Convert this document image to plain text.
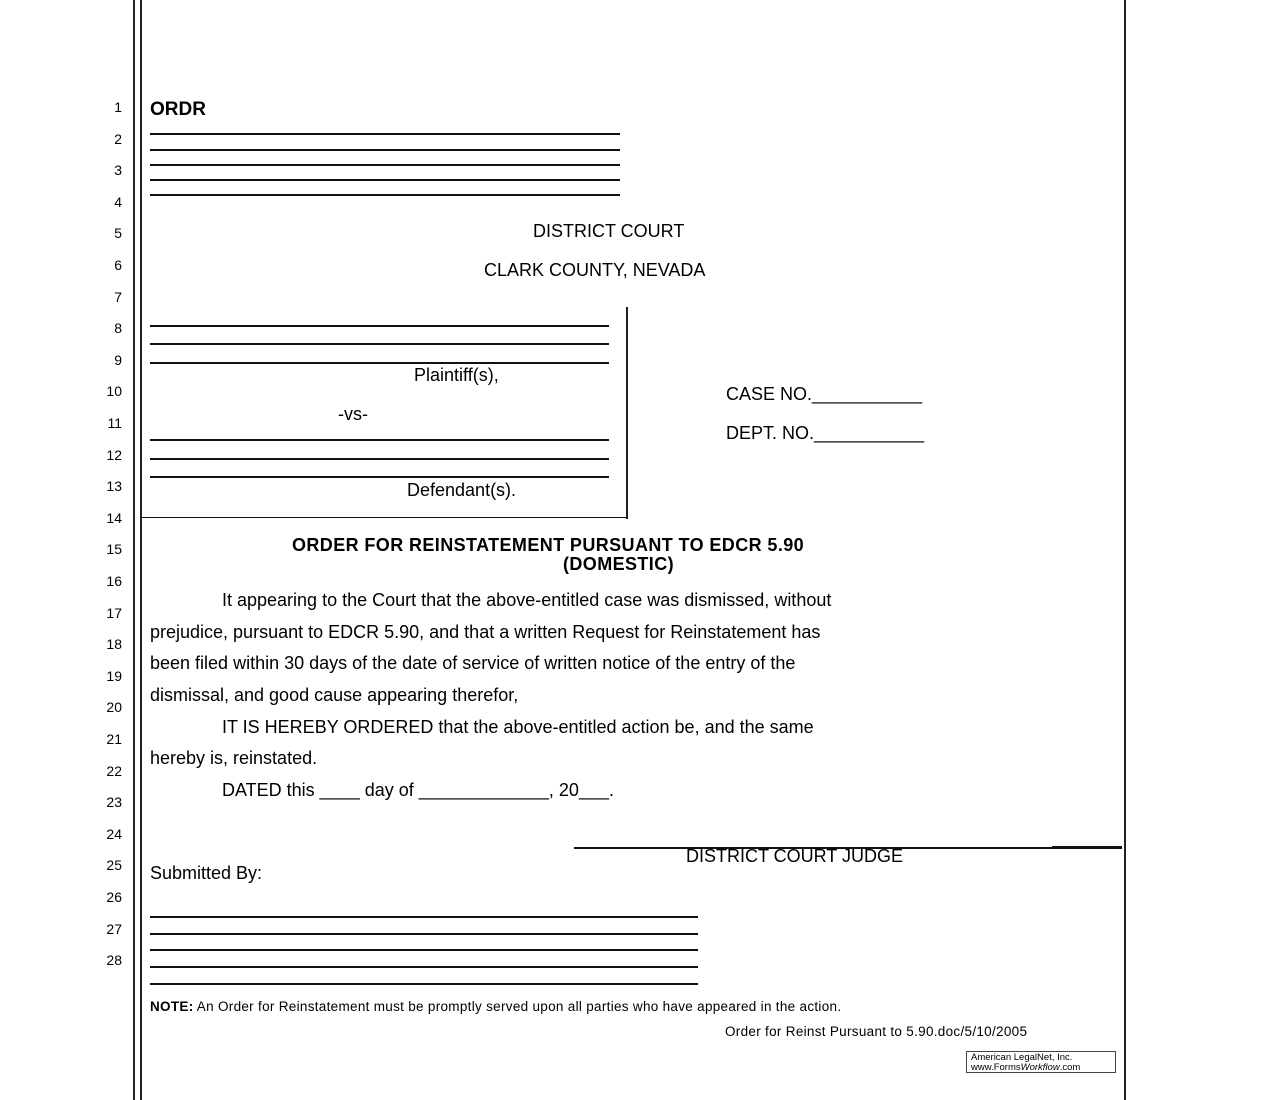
1
2
3
4
5
6
7
8
9
10
11
12
13
14
15
16
17
18
19
20
21
22
23
24
25
26
27
28
ORDR
DISTRICT COURT
CLARK COUNTY, NEVADA
Plaintiff(s),
-vs-
Defendant(s).
CASE NO.___________
DEPT. NO.___________
ORDER FOR REINSTATEMENT PURSUANT TO EDCR 5.90
(DOMESTIC)
It appearing to the Court that the above-entitled case was dismissed, without
prejudice, pursuant to EDCR 5.90, and that a written Request for Reinstatement has
been filed within 30 days of the date of service of written notice of the entry of the
dismissal, and good cause appearing therefor,
IT IS HEREBY ORDERED that the above-entitled action be, and the same
hereby is, reinstated.
DATED this ____ day of _____________, 20___.
DISTRICT COURT JUDGE
Submitted By:
NOTE: An Order for Reinstatement must be promptly served upon all parties who have appeared in the action.
Order for Reinst Pursuant to 5.90.doc/5/10/2005
American LegalNet, Inc.
www.FormsWorkflow.com
